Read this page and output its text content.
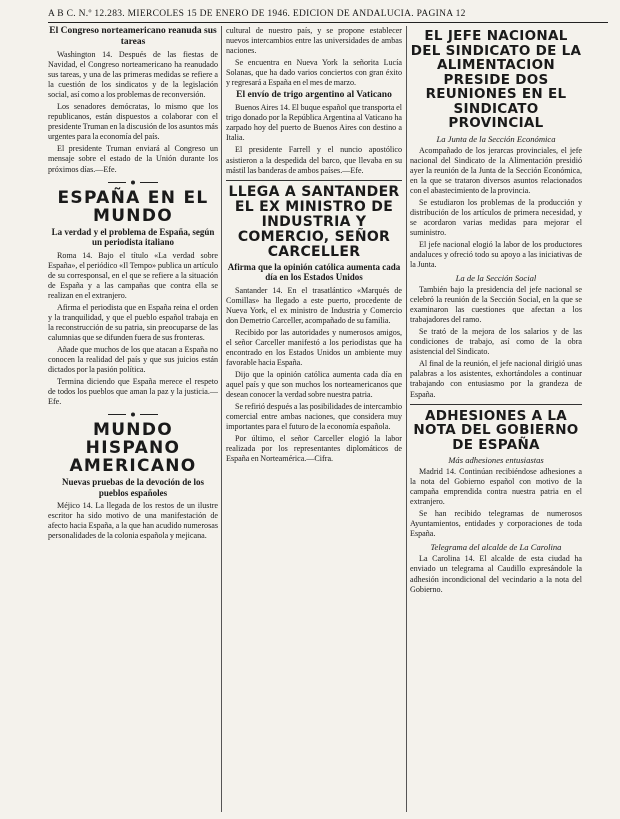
A B C. N.º 12.283. MIERCOLES 15 DE ENERO DE 1946. EDICION DE ANDALUCIA. PAGINA 12
El Congreso norteamericano reanuda sus tareas

Washington 14. Después de las fiestas de Navidad, el Congreso norteamericano ha reanudado sus tareas, y una de las primeras medidas se refiere a la cuestión de los sindicatos y de la legislación social, así como a los problemas de reconversión.

Los senadores demócratas, lo mismo que los republicanos, están dispuestos a colaborar con el presidente Truman en la discusión de los asuntos más urgentes para la economía del país.

El presidente Truman enviará al Congreso un mensaje sobre el estado de la Unión durante los próximos días.—Efe.

ESPAÑA EN EL MUNDO
La verdad y el problema de España, según un periodista italiano

Roma 14. Bajo el título «La verdad sobre España», el periódico «Il Tempo» publica un artículo de su corresponsal, en el que se refiere a la situación de España y a las campañas que contra ella se realizan en el extranjero.

Afirma el periodista que en España reina el orden y la tranquilidad, y que el pueblo español trabaja en la reconstrucción de su patria, sin preocuparse de las calumnias que se difunden fuera de sus fronteras.

Añade que muchos de los que atacan a España no conocen la realidad del país y que sus juicios están dictados por la pasión política.

Termina diciendo que España merece el respeto de todos los pueblos que aman la paz y la justicia.—Efe.

MUNDO HISPANO AMERICANO
Nuevas pruebas de la devoción de los pueblos españoles

Méjico 14. La llegada de los restos de un ilustre escritor ha sido motivo de una manifestación de afecto hacia España, a la que han acudido numerosas personalidades de la colonia española y mejicana.

cultural de nuestro país, y se propone establecer nuevos intercambios entre las universidades de ambas naciones.

Se encuentra en Nueva York la señorita Lucía Solanas, que ha dado varios conciertos con gran éxito y regresará a España en el mes de marzo.

El envío de trigo argentino al Vaticano

Buenos Aires 14. El buque español que transporta el trigo donado por la República Argentina al Vaticano ha zarpado hoy del puerto de Buenos Aires con destino a Italia.

El presidente Farrell y el nuncio apostólico asistieron a la despedida del barco, que llevaba en su mástil las banderas de ambos países.—Efe.

LLEGA A SANTANDER EL EX MINISTRO DE INDUSTRIA Y COMERCIO, SEÑOR CARCELLER
Afirma que la opinión católica aumenta cada día en los Estados Unidos

Santander 14. En el trasatlántico «Marqués de Comillas» ha llegado a este puerto, procedente de Nueva York, el ex ministro de Industria y Comercio don Demetrio Carceller, acompañado de su familia.

Recibido por las autoridades y numerosos amigos, el señor Carceller manifestó a los periodistas que ha encontrado en los Estados Unidos un ambiente muy favorable hacia España.

Dijo que la opinión católica aumenta cada día en aquel país y que son muchos los norteamericanos que desean conocer la verdad sobre nuestra patria.

Se refirió después a las posibilidades de intercambio comercial entre ambas naciones, que considera muy importantes para el futuro de la economía española.

Por último, el señor Carceller elogió la labor realizada por los representantes diplomáticos de España en Norteamérica.—Cifra.

EL JEFE NACIONAL DEL SINDICATO DE LA ALIMENTACION PRESIDE DOS REUNIONES EN EL SINDICATO PROVINCIAL
La Junta de la Sección Económica

Acompañado de los jerarcas provinciales, el jefe nacional del Sindicato de la Alimentación presidió ayer la reunión de la Junta de la Sección Económica, en la que se trataron diversos asuntos relacionados con el abastecimiento de la provincia.

Se estudiaron los problemas de la producción y distribución de los artículos de primera necesidad, y se acordaron varias medidas para mejorar el suministro.

El jefe nacional elogió la labor de los productores andaluces y ofreció todo su apoyo a las iniciativas de la Junta.

La de la Sección Social

También bajo la presidencia del jefe nacional se celebró la reunión de la Sección Social, en la que se examinaron las cuestiones que afectan a los trabajadores del ramo.

Se trató de la mejora de los salarios y de las condiciones de trabajo, así como de la obra asistencial del Sindicato.

Al final de la reunión, el jefe nacional dirigió unas palabras a los asistentes, exhortándoles a continuar trabajando con entusiasmo por la grandeza de España.

ADHESIONES A LA NOTA DEL GOBIERNO DE ESPAÑA
Más adhesiones entusiastas

Madrid 14. Continúan recibiéndose adhesiones a la nota del Gobierno español con motivo de la campaña emprendida contra nuestra patria en el extranjero.

Se han recibido telegramas de numerosos Ayuntamientos, entidades y corporaciones de toda España.

Telegrama del alcalde de La Carolina

La Carolina 14. El alcalde de esta ciudad ha enviado un telegrama al Caudillo expresándole la adhesión incondicional del vecindario a la nota del Gobierno.
